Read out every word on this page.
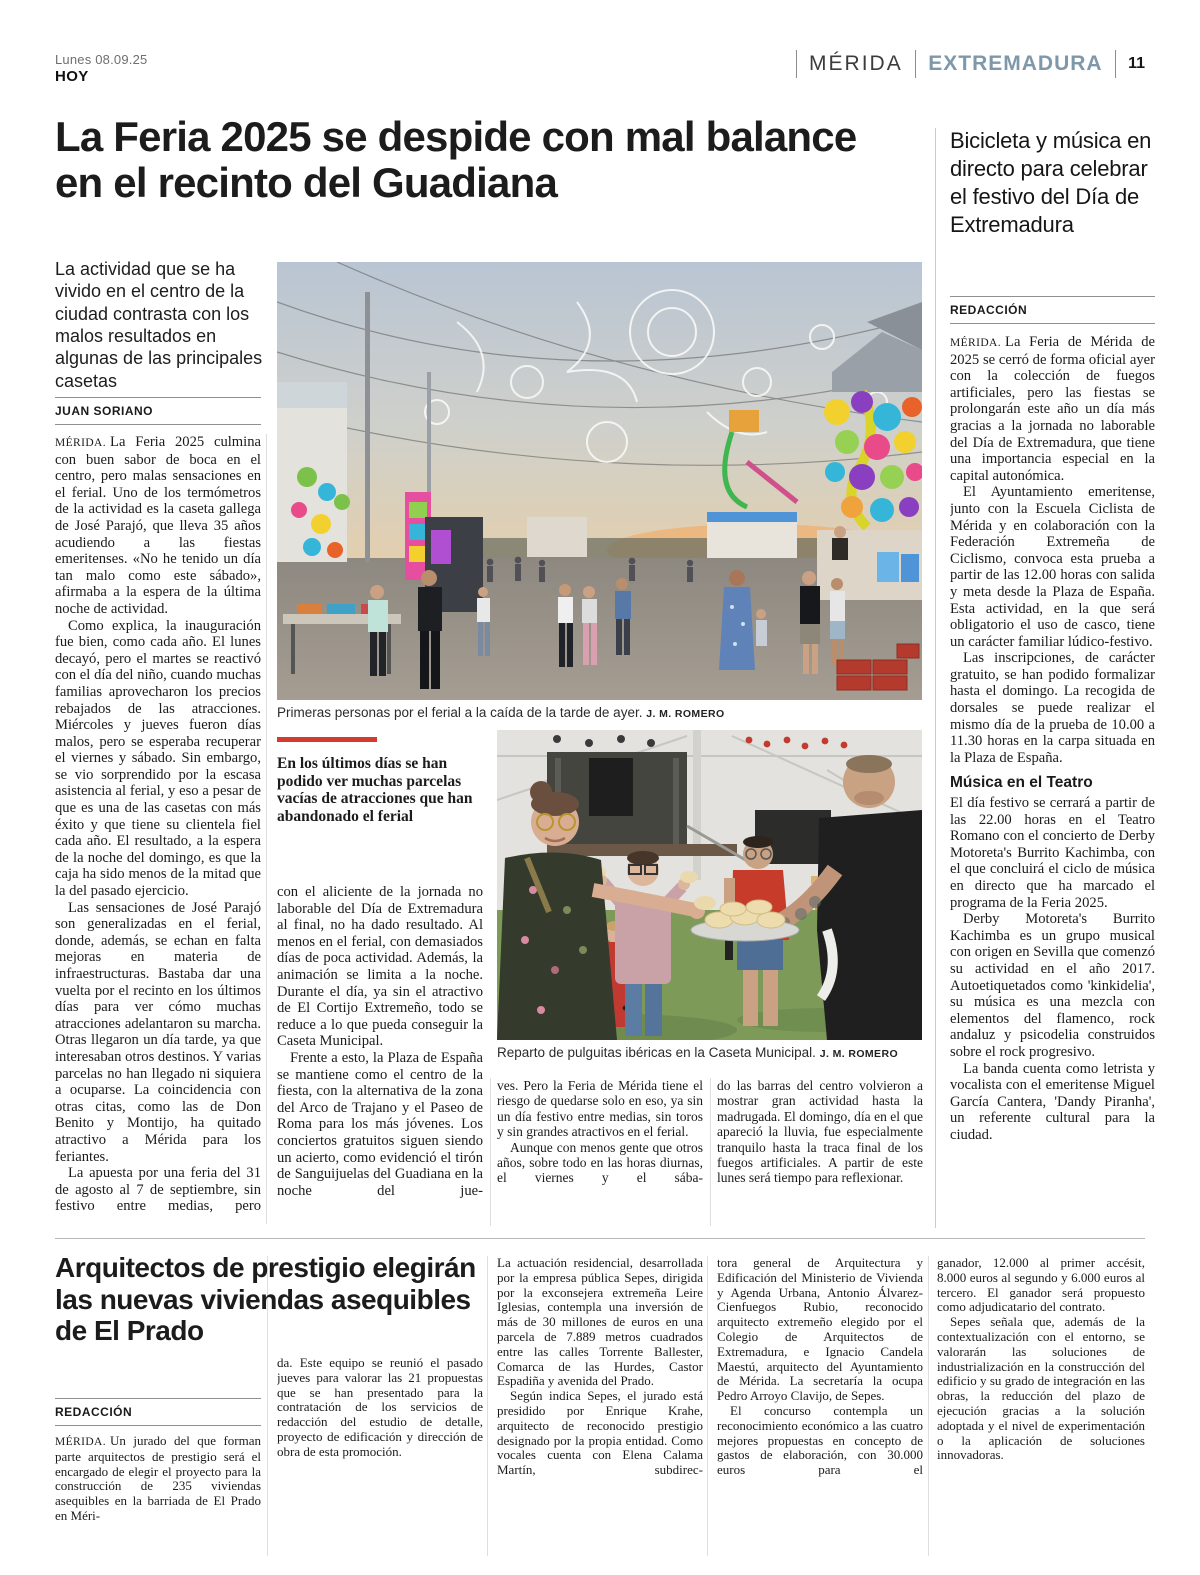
Lunes 08.09.25
HOY
MÉRIDA EXTREMADURA 11
La Feria 2025 se despide con mal balance en el recinto del Guadiana

La actividad que se ha vivido en el centro de la ciudad contrasta con los malos resultados en algunas de las principales casetas

JUAN SORIANO

MÉRIDA. La Feria 2025 culmina con buen sabor de boca en el centro, pero malas sensaciones en el ferial. Uno de los termómetros de la actividad es la caseta gallega de José Parajó, que lleva 35 años acudiendo a las fiestas emeritenses. «No he tenido un día tan malo como este sábado», afirmaba a la espera de la última noche de actividad.

Como explica, la inauguración fue bien, como cada año. El lunes decayó, pero el martes se reactivó con el día del niño, cuando muchas familias aprovecharon los precios rebajados de las atracciones. Miércoles y jueves fueron días malos, pero se esperaba recuperar el viernes y sábado. Sin embargo, se vio sorprendido por la escasa asistencia al ferial, y eso a pesar de que es una de las casetas con más éxito y que tiene su clientela fiel cada año. El resultado, a la espera de la noche del domingo, es que la caja ha sido menos de la mitad que la del pasado ejercicio.

Las sensaciones de José Parajó son generalizadas en el ferial, donde, además, se echan en falta mejoras en materia de infraestructuras. Bastaba dar una vuelta por el recinto en los últimos días para ver cómo muchas atracciones adelantaron su marcha. Otras llegaron un día tarde, ya que interesaban otros destinos. Y varias parcelas no han llegado ni siquiera a ocuparse. La coincidencia con otras citas, como las de Don Benito y Montijo, ha quitado atractivo a Mérida para los feriantes.

La apuesta por una feria del 31 de agosto al 7 de septiembre, sin festivo entre medias, pero

Primeras personas por el ferial a la caída de la tarde de ayer. J. M. ROMERO
En los últimos días se han podido ver muchas parcelas vacías de atracciones que han abandonado el ferial

con el aliciente de la jornada no laborable del Día de Extremadura al final, no ha dado resultado. Al menos en el ferial, con demasiados días de poca actividad. Además, la animación se limita a la noche. Durante el día, ya sin el atractivo de El Cortijo Extremeño, todo se reduce a lo que pueda conseguir la Caseta Municipal.

Frente a esto, la Plaza de España se mantiene como el centro de la fiesta, con la alternativa de la zona del Arco de Trajano y el Paseo de Roma para los más jóvenes. Los conciertos gratuitos siguen siendo un acierto, como evidenció el tirón de Sanguijuelas del Guadiana en la noche del jue-

Reparto de pulguitas ibéricas en la Caseta Municipal. J. M. ROMERO

ves. Pero la Feria de Mérida tiene el riesgo de quedarse solo en eso, ya sin un día festivo entre medias, sin toros y sin grandes atractivos en el ferial.

Aunque con menos gente que otros años, sobre todo en las horas diurnas, el viernes y el sába-

do las barras del centro volvieron a mostrar gran actividad hasta la madrugada. El domingo, día en el que apareció la lluvia, fue especialmente tranquilo hasta la traca final de los fuegos artificiales. A partir de este lunes será tiempo para reflexionar.

Bicicleta y música en directo para celebrar el festivo del Día de Extremadura
REDACCIÓN

MÉRIDA. La Feria de Mérida de 2025 se cerró de forma oficial ayer con la colección de fuegos artificiales, pero las fiestas se prolongarán este año un día más gracias a la jornada no laborable del Día de Extremadura, que tiene una importancia especial en la capital autonómica.

El Ayuntamiento emeritense, junto con la Escuela Ciclista de Mérida y en colaboración con la Federación Extremeña de Ciclismo, convoca esta prueba a partir de las 12.00 horas con salida y meta desde la Plaza de España. Esta actividad, en la que será obligatorio el uso de casco, tiene un carácter familiar lúdico-festivo.

Las inscripciones, de carácter gratuito, se han podido formalizar hasta el domingo. La recogida de dorsales se puede realizar el mismo día de la prueba de 10.00 a 11.30 horas en la carpa situada en la Plaza de España.

Música en el Teatro

El día festivo se cerrará a partir de las 22.00 horas en el Teatro Romano con el concierto de Derby Motoreta's Burrito Kachimba, con el que concluirá el ciclo de música en directo que ha marcado el programa de la Feria 2025.

Derby Motoreta's Burrito Kachimba es un grupo musical con origen en Sevilla que comenzó su actividad en el año 2017. Autoetiquetados como 'kinkidelia', su música es una mezcla con elementos del flamenco, rock andaluz y psicodelia construidos sobre el rock progresivo.

La banda cuenta como letrista y vocalista con el emeritense Miguel García Cantera, 'Dandy Piranha', un referente cultural para la ciudad.

Arquitectos de prestigio elegirán las nuevas viviendas asequibles de El Prado
REDACCIÓN

MÉRIDA. Un jurado del que forman parte arquitectos de prestigio será el encargado de elegir el proyecto para la construcción de 235 viviendas asequibles en la barriada de El Prado en Méri-

da. Este equipo se reunió el pasado jueves para valorar las 21 propuestas que se han presentado para la contratación de los servicios de redacción del estudio de detalle, proyecto de edificación y dirección de obra de esta promoción.

La actuación residencial, desarrollada por la empresa pública Sepes, dirigida por la exconsejera extremeña Leire Iglesias, contempla una inversión de más de 30 millones de euros en una parcela de 7.889 metros cuadrados entre las calles Torrente Ballester, Comarca de las Hurdes, Castor Espadiña y avenida del Prado.

Según indica Sepes, el jurado está presidido por Enrique Krahe, arquitecto de reconocido prestigio designado por la propia entidad. Como vocales cuenta con Elena Calama Martín, subdirec-

tora general de Arquitectura y Edificación del Ministerio de Vivienda y Agenda Urbana, Antonio Álvarez-Cienfuegos Rubio, reconocido arquitecto extremeño elegido por el Colegio de Arquitectos de Extremadura, e Ignacio Candela Maestú, arquitecto del Ayuntamiento de Mérida. La secretaría la ocupa Pedro Arroyo Clavijo, de Sepes.

El concurso contempla un reconocimiento económico a las cuatro mejores propuestas en concepto de gastos de elaboración, con 30.000 euros para el

ganador, 12.000 al primer accésit, 8.000 euros al segundo y 6.000 euros al tercero. El ganador será propuesto como adjudicatario del contrato.

Sepes señala que, además de la contextualización con el entorno, se valorarán las soluciones de industrialización en la construcción del edificio y su grado de integración en las obras, la reducción del plazo de ejecución gracias a la solución adoptada y el nivel de experimentación o la aplicación de soluciones innovadoras.
